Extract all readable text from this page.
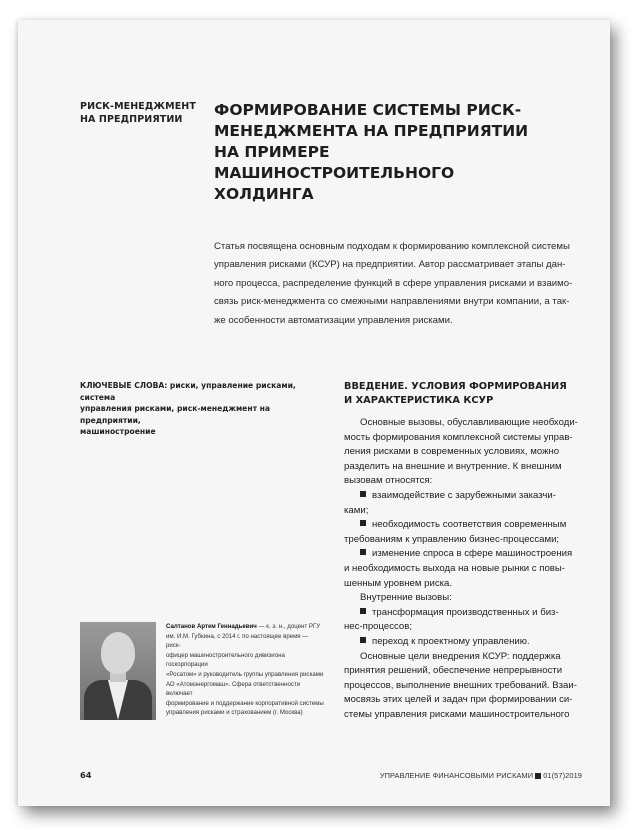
РИСК-МЕНЕДЖМЕНТ
НА ПРЕДПРИЯТИИ
ФОРМИРОВАНИЕ СИСТЕМЫ РИСК-
МЕНЕДЖМЕНТА НА ПРЕДПРИЯТИИ
НА ПРИМЕРЕ МАШИНОСТРОИТЕЛЬНОГО
ХОЛДИНГА
Статья посвящена основным подходам к формированию комплексной системы
управления рисками (КСУР) на предприятии. Автор рассматривает этапы дан-
ного процесса, распределение функций в сфере управления рисками и взаимо-
связь риск-менеджмента со смежными направлениями внутри компании, а так-
же особенности автоматизации управления рисками.
КЛЮЧЕВЫЕ СЛОВА: риски, управление рисками, система
управления рисками, риск-менеджмент на предприятии,
машиностроение
ВВЕДЕНИЕ. УСЛОВИЯ ФОРМИРОВАНИЯ
И ХАРАКТЕРИСТИКА КСУР

Основные вызовы, обуславливающие необходи-

мость формирования комплексной системы управ-

ления рисками в современных условиях, можно

разделить на внешние и внутренние. К внешним

вызовам относятся:

взаимодействие с зарубежными заказчи-

ками;

необходимость соответствия современным

требованиям к управлению бизнес-процессами;

изменение спроса в сфере машиностроения

и необходимость выхода на новые рынки с повы-

шенным уровнем риска.

Внутренние вызовы:

трансформация производственных и биз-

нес-процессов;

переход к проектному управлению.

Основные цели внедрения КСУР: поддержка

принятия решений, обеспечение непрерывности

процессов, выполнение внешних требований. Взаи-

мосвязь этих целей и задач при формировании си-

стемы управления рисками машиностроительного

Салтанов Артем Геннадьевич — к. э. н., доцент РГУ
им. И.М. Губкина, с 2014 г. по настоящее время — риск-
офицер машиностроительного дивизиона госкорпорации
«Росатом» и руководитель группы управления рисками
АО «Атомэнергомаш». Сфера ответственности включает
формирование и поддержание корпоративной системы
управления рисками и страхованием (г. Москва)
64	УПРАВЛЕНИЕ ФИНАНСОВЫМИ РИСКАМИ 01(57)2019
